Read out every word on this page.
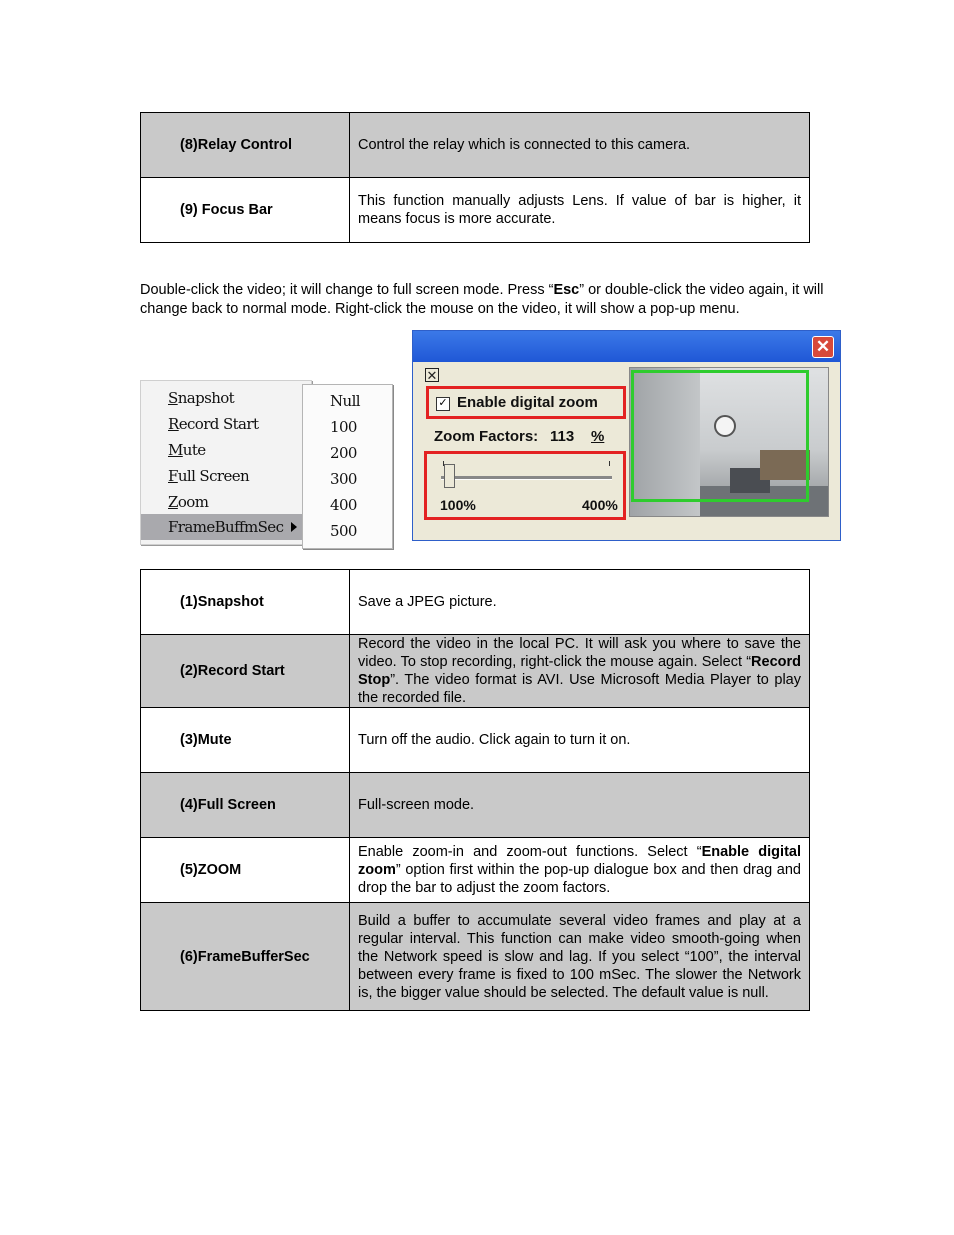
(8)Relay Control	Control the relay which is connected to this camera.
(9) Focus Bar	This function manually adjusts Lens. If value of bar is higher, it means focus is more accurate.
Double-click the video; it will change to full screen mode. Press “Esc” or double-click the video again, it will change back to normal mode. Right-click the mouse on the video, it will show a pop-up menu.
Snapshot
Record Start
Mute
Full Screen
Zoom
FrameBuffmSec
Null
100
200
300
400
500
✕
✕
✓ Enable digital zoom
Zoom Factors: 113 %
100%	400%
(1)Snapshot	Save a JPEG picture.
(2)Record Start	Record the video in the local PC. It will ask you where to save the video. To stop recording, right-click the mouse again. Select “Record Stop”. The video format is AVI. Use Microsoft Media Player to play the recorded file.
(3)Mute	Turn off the audio. Click again to turn it on.
(4)Full Screen	Full-screen mode.
(5)ZOOM	Enable zoom-in and zoom-out functions. Select “Enable digital zoom” option first within the pop-up dialogue box and then drag and drop the bar to adjust the zoom factors.
(6)FrameBufferSec	Build a buffer to accumulate several video frames and play at a regular interval. This function can make video smooth-going when the Network speed is slow and lag. If you select “100”, the interval between every frame is fixed to 100 mSec. The slower the Network is, the bigger value should be selected. The default value is null.
